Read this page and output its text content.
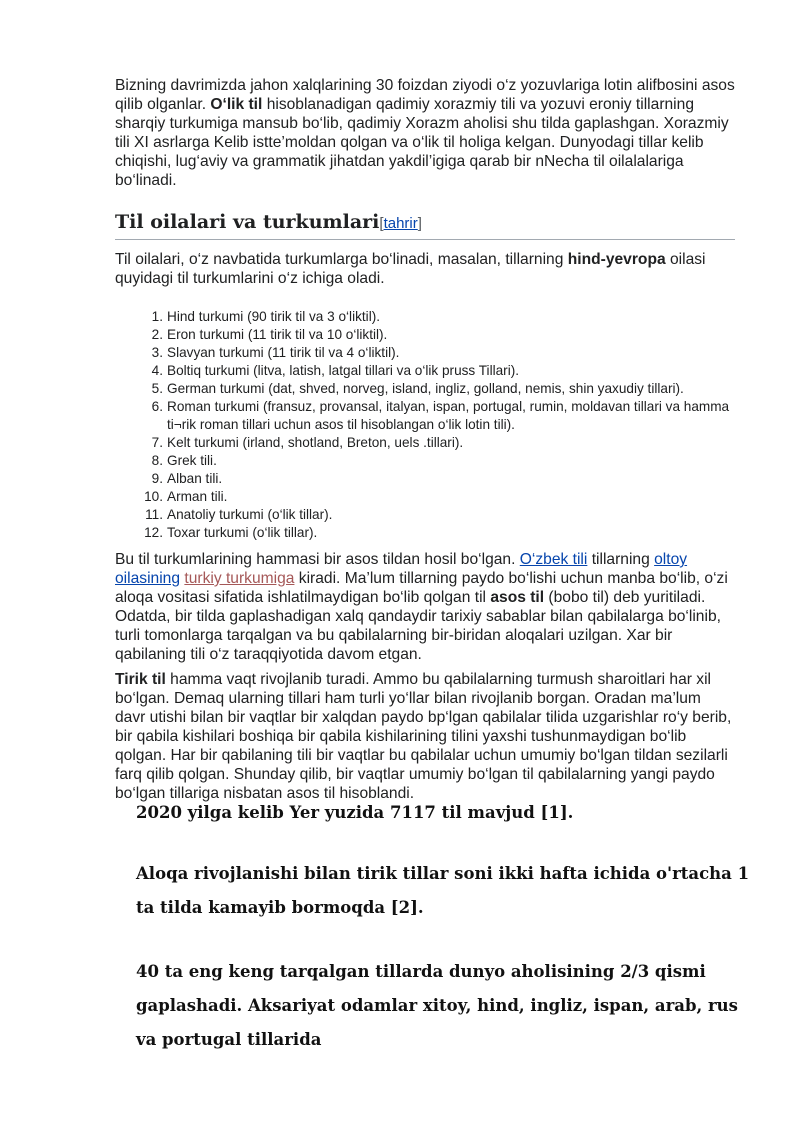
Bizning davrimizda jahon xalqlarining 30 foizdan ziyodi o‘z yozuvlariga lotin alifbosini asos qilib olganlar. O‘lik til hisoblanadigan qadimiy xorazmiy tili va yozuvi eroniy tillarning sharqiy turkumiga mansub bo‘lib, qadimiy Xorazm aholisi shu tilda gaplashgan. Xorazmiy tili XI asrlarga Kelib istte’moldan qolgan va o‘lik til holiga kelgan. Dunyodagi tillar kelib chiqishi, lug‘aviy va grammatik jihatdan yakdil’igiga qarab bir nNecha til oilalalariga bo‘linadi.

Til oilalari va turkumlari[tahrir]

Til oilalari, o‘z navbatida turkumlarga bo‘linadi, masalan, tillarning hind-yevropa oilasi quyidagi til turkumlarini o‘z ichiga oladi.

1. Hind turkumi (90 tirik til va 3 o‘liktil).
2. Eron turkumi (11 tirik til va 10 o‘liktil).
3. Slavyan turkumi (11 tirik til va 4 o‘liktil).
4. Boltiq turkumi (litva, latish, latgal tillari va o‘lik pruss Tillari).
5. German turkumi (dat, shved, norveg, island, ingliz, golland, nemis, shin yaxudiy tillari).
6. Roman turkumi (fransuz, provansal, italyan, ispan, portugal, rumin, moldavan tillari va hamma ti¬rik roman tillari uchun asos til hisoblangan o‘lik lotin tili).
7. Kelt turkumi (irland, shotland, Breton, uels .tillari).
8. Grek tili.
9. Alban tili.
10. Arman tili.
11. Anatoliy turkumi (o‘lik tillar).
12. Toxar turkumi (o‘lik tillar).

Bu til turkumlarining hammasi bir asos tildan hosil bo‘lgan. O‘zbek tili tillarning oltoy oilasining turkiy turkumiga kiradi. Ma’lum tillarning paydo bo‘lishi uchun manba bo‘lib, o‘zi aloqa vositasi sifatida ishlatilmaydigan bo‘lib qolgan til asos til (bobo til) deb yuritiladi. Odatda, bir tilda gaplashadigan xalq qandaydir tarixiy sabablar bilan qabilalarga bo‘linib, turli tomonlarga tarqalgan va bu qabilalarning bir-biridan aloqalari uzilgan. Xar bir qabilaning tili o‘z taraqqiyotida davom etgan.

Tirik til hamma vaqt rivojlanib turadi. Ammo bu qabilalarning turmush sharoitlari har xil bo‘lgan. Demaq ularning tillari ham turli yo‘llar bilan rivojlanib borgan. Oradan ma’lum davr utishi bilan bir vaqtlar bir xalqdan paydo bp‘lgan qabilalar tilida uzgarishlar ro‘y berib, bir qabila kishilari boshiqa bir qabila kishilarining tilini yaxshi tushunmaydigan bo‘lib qolgan. Har bir qabilaning tili bir vaqtlar bu qabilalar uchun umumiy bo‘lgan tildan sezilarli farq qilib qolgan. Shunday qilib, bir vaqtlar umumiy bo‘lgan til qabilalarning yangi paydo bo‘lgan tillariga nisbatan asos til hisoblandi.

2020 yilga kelib Yer yuzida 7117 til mavjud [1].

Aloqa rivojlanishi bilan tirik tillar soni ikki hafta ichida o'rtacha 1 ta tilda kamayib bormoqda [2].

40 ta eng keng tarqalgan tillarda dunyo aholisining 2/3 qismi gaplashadi. Aksariyat odamlar xitoy, hind, ingliz, ispan, arab, rus va portugal tillarida
